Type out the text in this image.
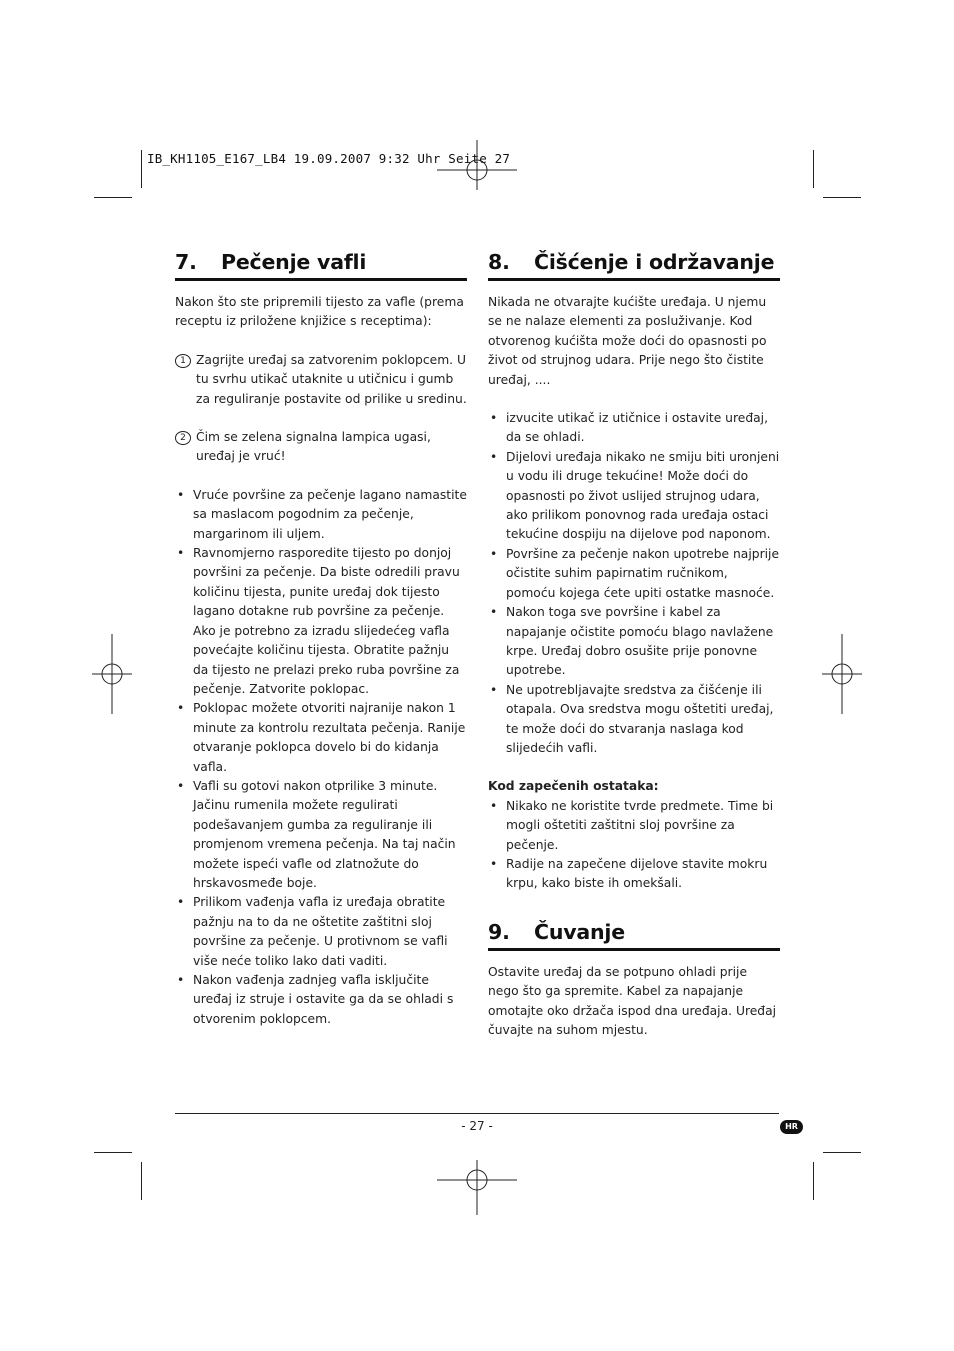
IB_KH1105_E167_LB4 19.09.2007 9:32 Uhr Seite 27
7.	Pečenje vafli

Nakon što ste pripremili tijesto za vafle (prema receptu iz priložene knjižice s receptima):

1 Zagrijte uređaj sa zatvorenim poklopcem. U tu svrhu utikač utaknite u utičnicu i gumb za reguliranje postavite od prilike u sredinu.

2 Čim se zelena signalna lampica ugasi, uređaj je vruć!

• Vruće površine za pečenje lagano namastite sa maslacom pogodnim za pečenje, margarinom ili uljem.
• Ravnomjerno rasporedite tijesto po donjoj površini za pečenje. Da biste odredili pravu količinu tijesta, punite uređaj dok tijesto lagano dotakne rub površine za pečenje. Ako je potrebno za izradu slijedećeg vafla povećajte količinu tijesta. Obratite pažnju da tijesto ne prelazi preko ruba površine za pečenje. Zatvorite poklopac.
• Poklopac možete otvoriti najranije nakon 1 minute za kontrolu rezultata pečenja. Ranije otvaranje poklopca dovelo bi do kidanja vafla.
• Vafli su gotovi nakon otprilike 3 minute. Jačinu rumenila možete regulirati podešavanjem gumba za reguliranje ili promjenom vremena pečenja. Na taj način možete ispeći vafle od zlatnožute do hrskavosmeđe boje.
• Prilikom vađenja vafla iz uređaja obratite pažnju na to da ne oštetite zaštitni sloj površine za pečenje. U protivnom se vafli više neće toliko lako dati vaditi.
• Nakon vađenja zadnjeg vafla isključite uređaj iz struje i ostavite ga da se ohladi s otvorenim poklopcem.
8.	Čišćenje i održavanje

Nikada ne otvarajte kućište uređaja. U njemu se ne nalaze elementi za posluživanje. Kod otvorenog kućišta može doći do opasnosti po život od strujnog udara. Prije nego što čistite uređaj, ....

• izvucite utikač iz utičnice i ostavite uređaj, da se ohladi.
• Dijelovi uređaja nikako ne smiju biti uronjeni u vodu ili druge tekućine! Može doći do opasnosti po život uslijed strujnog udara, ako prilikom ponovnog rada uređaja ostaci tekućine dospiju na dijelove pod naponom.
• Površine za pečenje nakon upotrebe najprije očistite suhim papirnatim ručnikom, pomoću kojega ćete upiti ostatke masnoće.
• Nakon toga sve površine i kabel za napajanje očistite pomoću blago navlažene krpe. Uređaj dobro osušite prije ponovne upotrebe.
• Ne upotrebljavajte sredstva za čišćenje ili otapala. Ova sredstva mogu oštetiti uređaj, te može doći do stvaranja naslaga kod slijedećih vafli.
Kod zapečenih ostataka:
• Nikako ne koristite tvrde predmete. Time bi mogli oštetiti zaštitni sloj površine za pečenje.
• Radije na zapečene dijelove stavite mokru krpu, kako biste ih omekšali.
9.	Čuvanje

Ostavite uređaj da se potpuno ohladi prije nego što ga spremite. Kabel za napajanje omotajte oko držača ispod dna uređaja. Uređaj čuvajte na suhom mjestu.

- 27 -	HR
